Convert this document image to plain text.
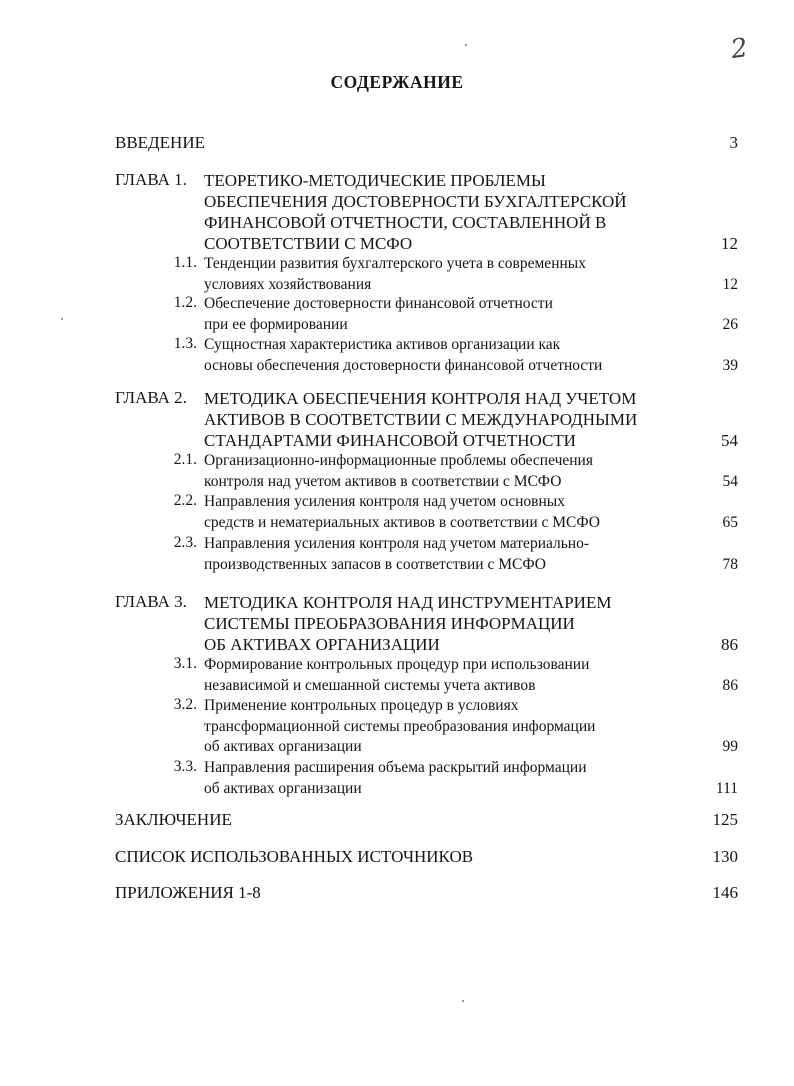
2
СОДЕРЖАНИЕ
ВВЕДЕНИЕ	3
ГЛАВА 1. ТЕОРЕТИКО-МЕТОДИЧЕСКИЕ ПРОБЛЕМЫ
ОБЕСПЕЧЕНИЯ ДОСТОВЕРНОСТИ БУХГАЛТЕРСКОЙ
ФИНАНСОВОЙ ОТЧЕТНОСТИ, СОСТАВЛЕННОЙ В
СООТВЕТСТВИИ С МСФО	12
1.1. Тенденции развития бухгалтерского учета в современных
условиях хозяйствования	12
1.2. Обеспечение достоверности финансовой отчетности
при ее формировании	26
1.3. Сущностная характеристика активов организации как
основы обеспечения достоверности финансовой отчетности	39
ГЛАВА 2. МЕТОДИКА ОБЕСПЕЧЕНИЯ КОНТРОЛЯ НАД УЧЕТОМ
АКТИВОВ В СООТВЕТСТВИИ С МЕЖДУНАРОДНЫМИ
СТАНДАРТАМИ ФИНАНСОВОЙ ОТЧЕТНОСТИ	54
2.1. Организационно-информационные проблемы обеспечения
контроля над учетом активов в соответствии с МСФО	54
2.2. Направления усиления контроля над учетом основных
средств и нематериальных активов в соответствии с МСФО	65
2.3. Направления усиления контроля над учетом материально-
производственных запасов в соответствии с МСФО	78
ГЛАВА 3. МЕТОДИКА КОНТРОЛЯ НАД ИНСТРУМЕНТАРИЕМ
СИСТЕМЫ ПРЕОБРАЗОВАНИЯ ИНФОРМАЦИИ
ОБ АКТИВАХ ОРГАНИЗАЦИИ	86
3.1. Формирование контрольных процедур при использовании
независимой и смешанной системы учета активов	86
3.2. Применение контрольных процедур в условиях
трансформационной системы преобразования информации
об активах организации	99
3.3. Направления расширения объема раскрытий информации
об активах организации	111
ЗАКЛЮЧЕНИЕ	125
СПИСОК ИСПОЛЬЗОВАННЫХ ИСТОЧНИКОВ	130
ПРИЛОЖЕНИЯ 1-8	146
